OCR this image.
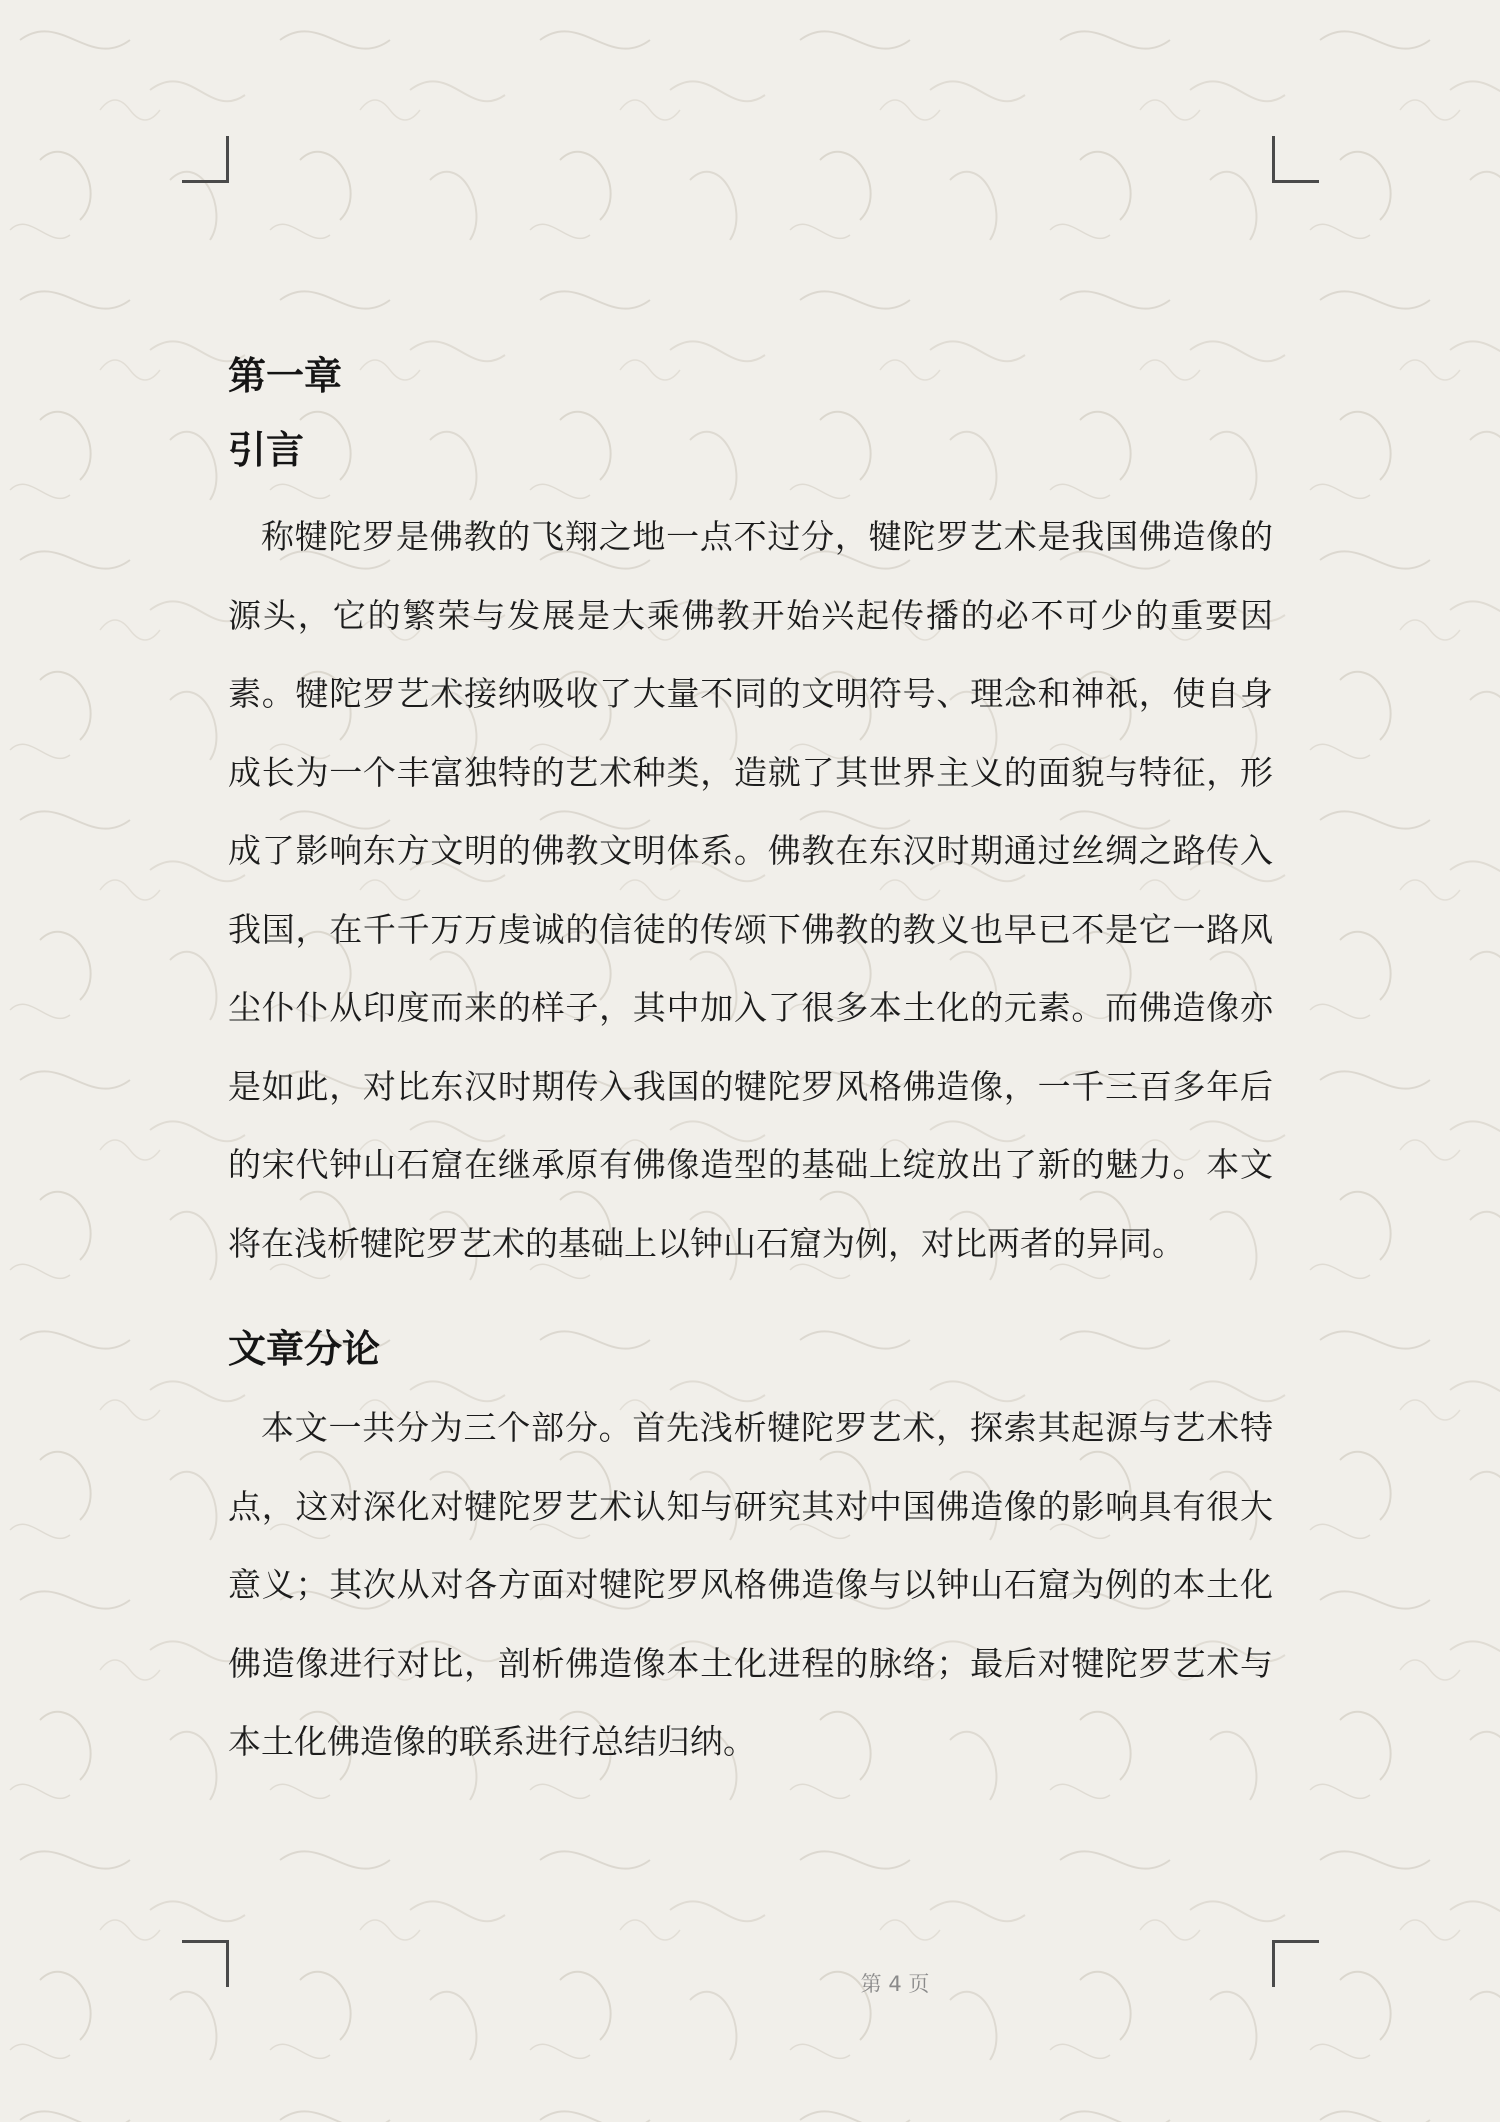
第一章
引言

称犍陀罗是佛教的飞翔之地一点不过分，犍陀罗艺术是我国佛造像的源头，它的繁荣与发展是大乘佛教开始兴起传播的必不可少的重要因素。犍陀罗艺术接纳吸收了大量不同的文明符号、理念和神祇，使自身成长为一个丰富独特的艺术种类，造就了其世界主义的面貌与特征，形成了影响东方文明的佛教文明体系。佛教在东汉时期通过丝绸之路传入我国，在千千万万虔诚的信徒的传颂下佛教的教义也早已不是它一路风尘仆仆从印度而来的样子，其中加入了很多本土化的元素。而佛造像亦是如此，对比东汉时期传入我国的犍陀罗风格佛造像，一千三百多年后的宋代钟山石窟在继承原有佛像造型的基础上绽放出了新的魅力。本文将在浅析犍陀罗艺术的基础上以钟山石窟为例，对比两者的异同。

文章分论

本文一共分为三个部分。首先浅析犍陀罗艺术，探索其起源与艺术特点，这对深化对犍陀罗艺术认知与研究其对中国佛造像的影响具有很大意义；其次从对各方面对犍陀罗风格佛造像与以钟山石窟为例的本土化佛造像进行对比，剖析佛造像本土化进程的脉络；最后对犍陀罗艺术与本土化佛造像的联系进行总结归纳。

第 4 页
